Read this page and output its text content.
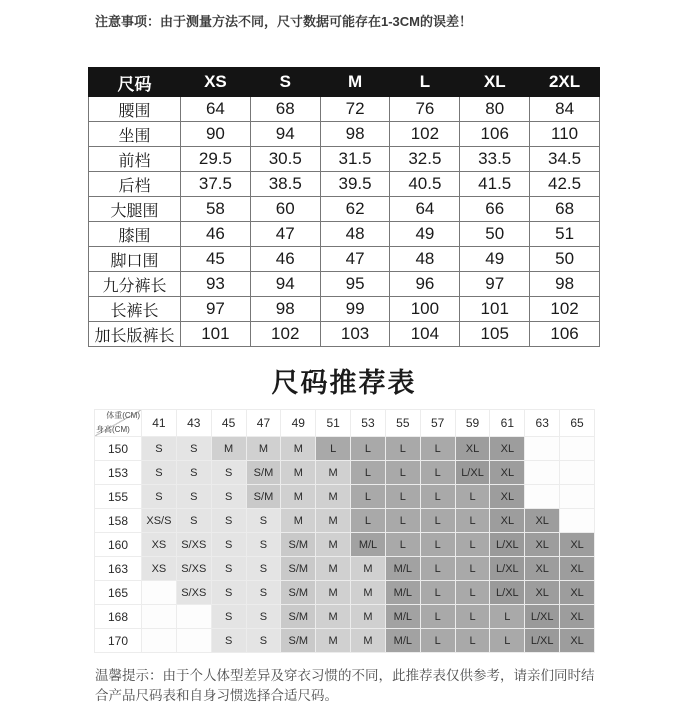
注意事项：由于测量方法不同，尺寸数据可能存在1-3CM的误差！

尺码	XS	S	M	L	XL	2XL
腰围	64	68	72	76	80	84
坐围	90	94	98	102	106	110
前档	29.5	30.5	31.5	32.5	33.5	34.5
后档	37.5	38.5	39.5	40.5	41.5	42.5
大腿围	58	60	62	64	66	68
膝围	46	47	48	49	50	51
脚口围	45	46	47	48	49	50
九分裤长	93	94	95	96	97	98
长裤长	97	98	99	100	101	102
加长版裤长	101	102	103	104	105	106
尺码推荐表
体重(CM)
身高(CM)	41	43	45	47	49	51	53	55	57	59	61	63	65
150	S	S	M	M	M	L	L	L	L	XL	XL		
153	S	S	S	S/M	M	M	L	L	L	L/XL	XL		
155	S	S	S	S/M	M	M	L	L	L	L	XL		
158	XS/S	S	S	S	M	M	L	L	L	L	XL	XL	
160	XS	S/XS	S	S	S/M	M	M/L	L	L	L	L/XL	XL	XL
163	XS	S/XS	S	S	S/M	M	M	M/L	L	L	L/XL	XL	XL
165		S/XS	S	S	S/M	M	M	M/L	L	L	L/XL	XL	XL
168			S	S	S/M	M	M	M/L	L	L	L	L/XL	XL
170			S	S	S/M	M	M	M/L	L	L	L	L/XL	XL

温馨提示：由于个人体型差异及穿衣习惯的不同，此推荐表仅供参考，请亲们同时结合产品尺码表和自身习惯选择合适尺码。
